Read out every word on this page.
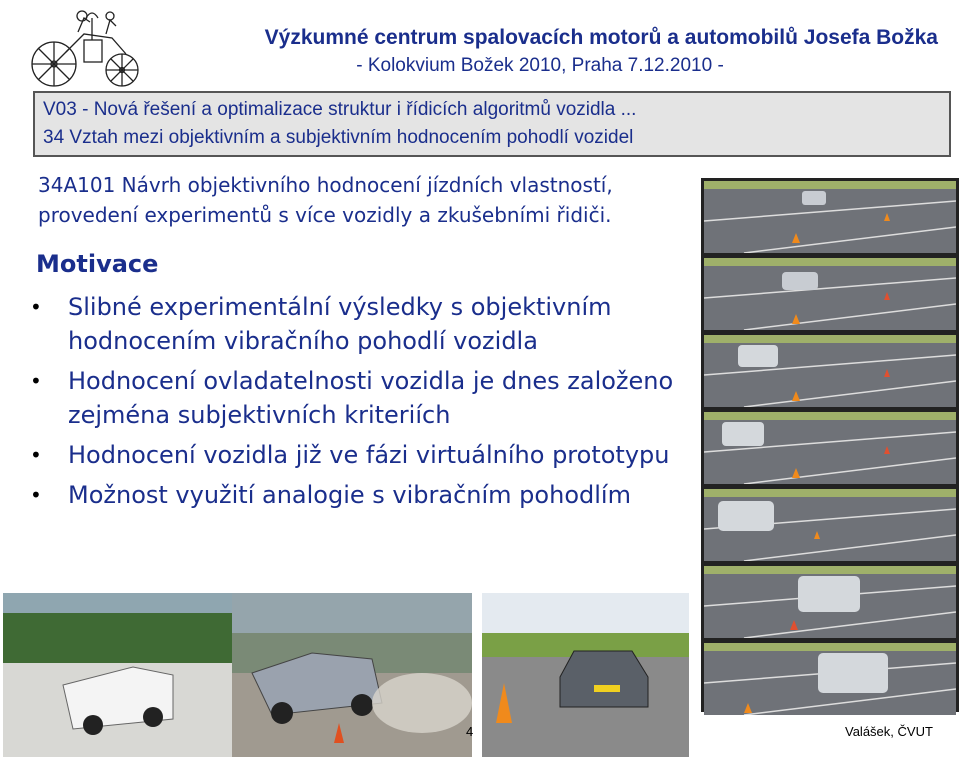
Výzkumné centrum spalovacích motorů a automobilů Josefa Božka
- Kolokvium Božek 2010, Praha 7.12.2010 -
V03 - Nová řešení a optimalizace struktur i řídicích algoritmů vozidla ...
34 Vztah mezi objektivním a subjektivním hodnocením pohodlí vozidel
34A101 Návrh objektivního hodnocení jízdních vlastností,
provedení experimentů s více vozidly a zkušebními řidiči.
Motivace
• Slibné experimentální výsledky s objektivním
hodnocením vibračního pohodlí vozidla
• Hodnocení ovladatelnosti vozidla je dnes založeno
zejména subjektivních kriteriích
• Hodnocení vozidla již ve fázi virtuálního prototypu
• Možnost využití analogie s vibračním pohodlím
4	Valášek, ČVUT
